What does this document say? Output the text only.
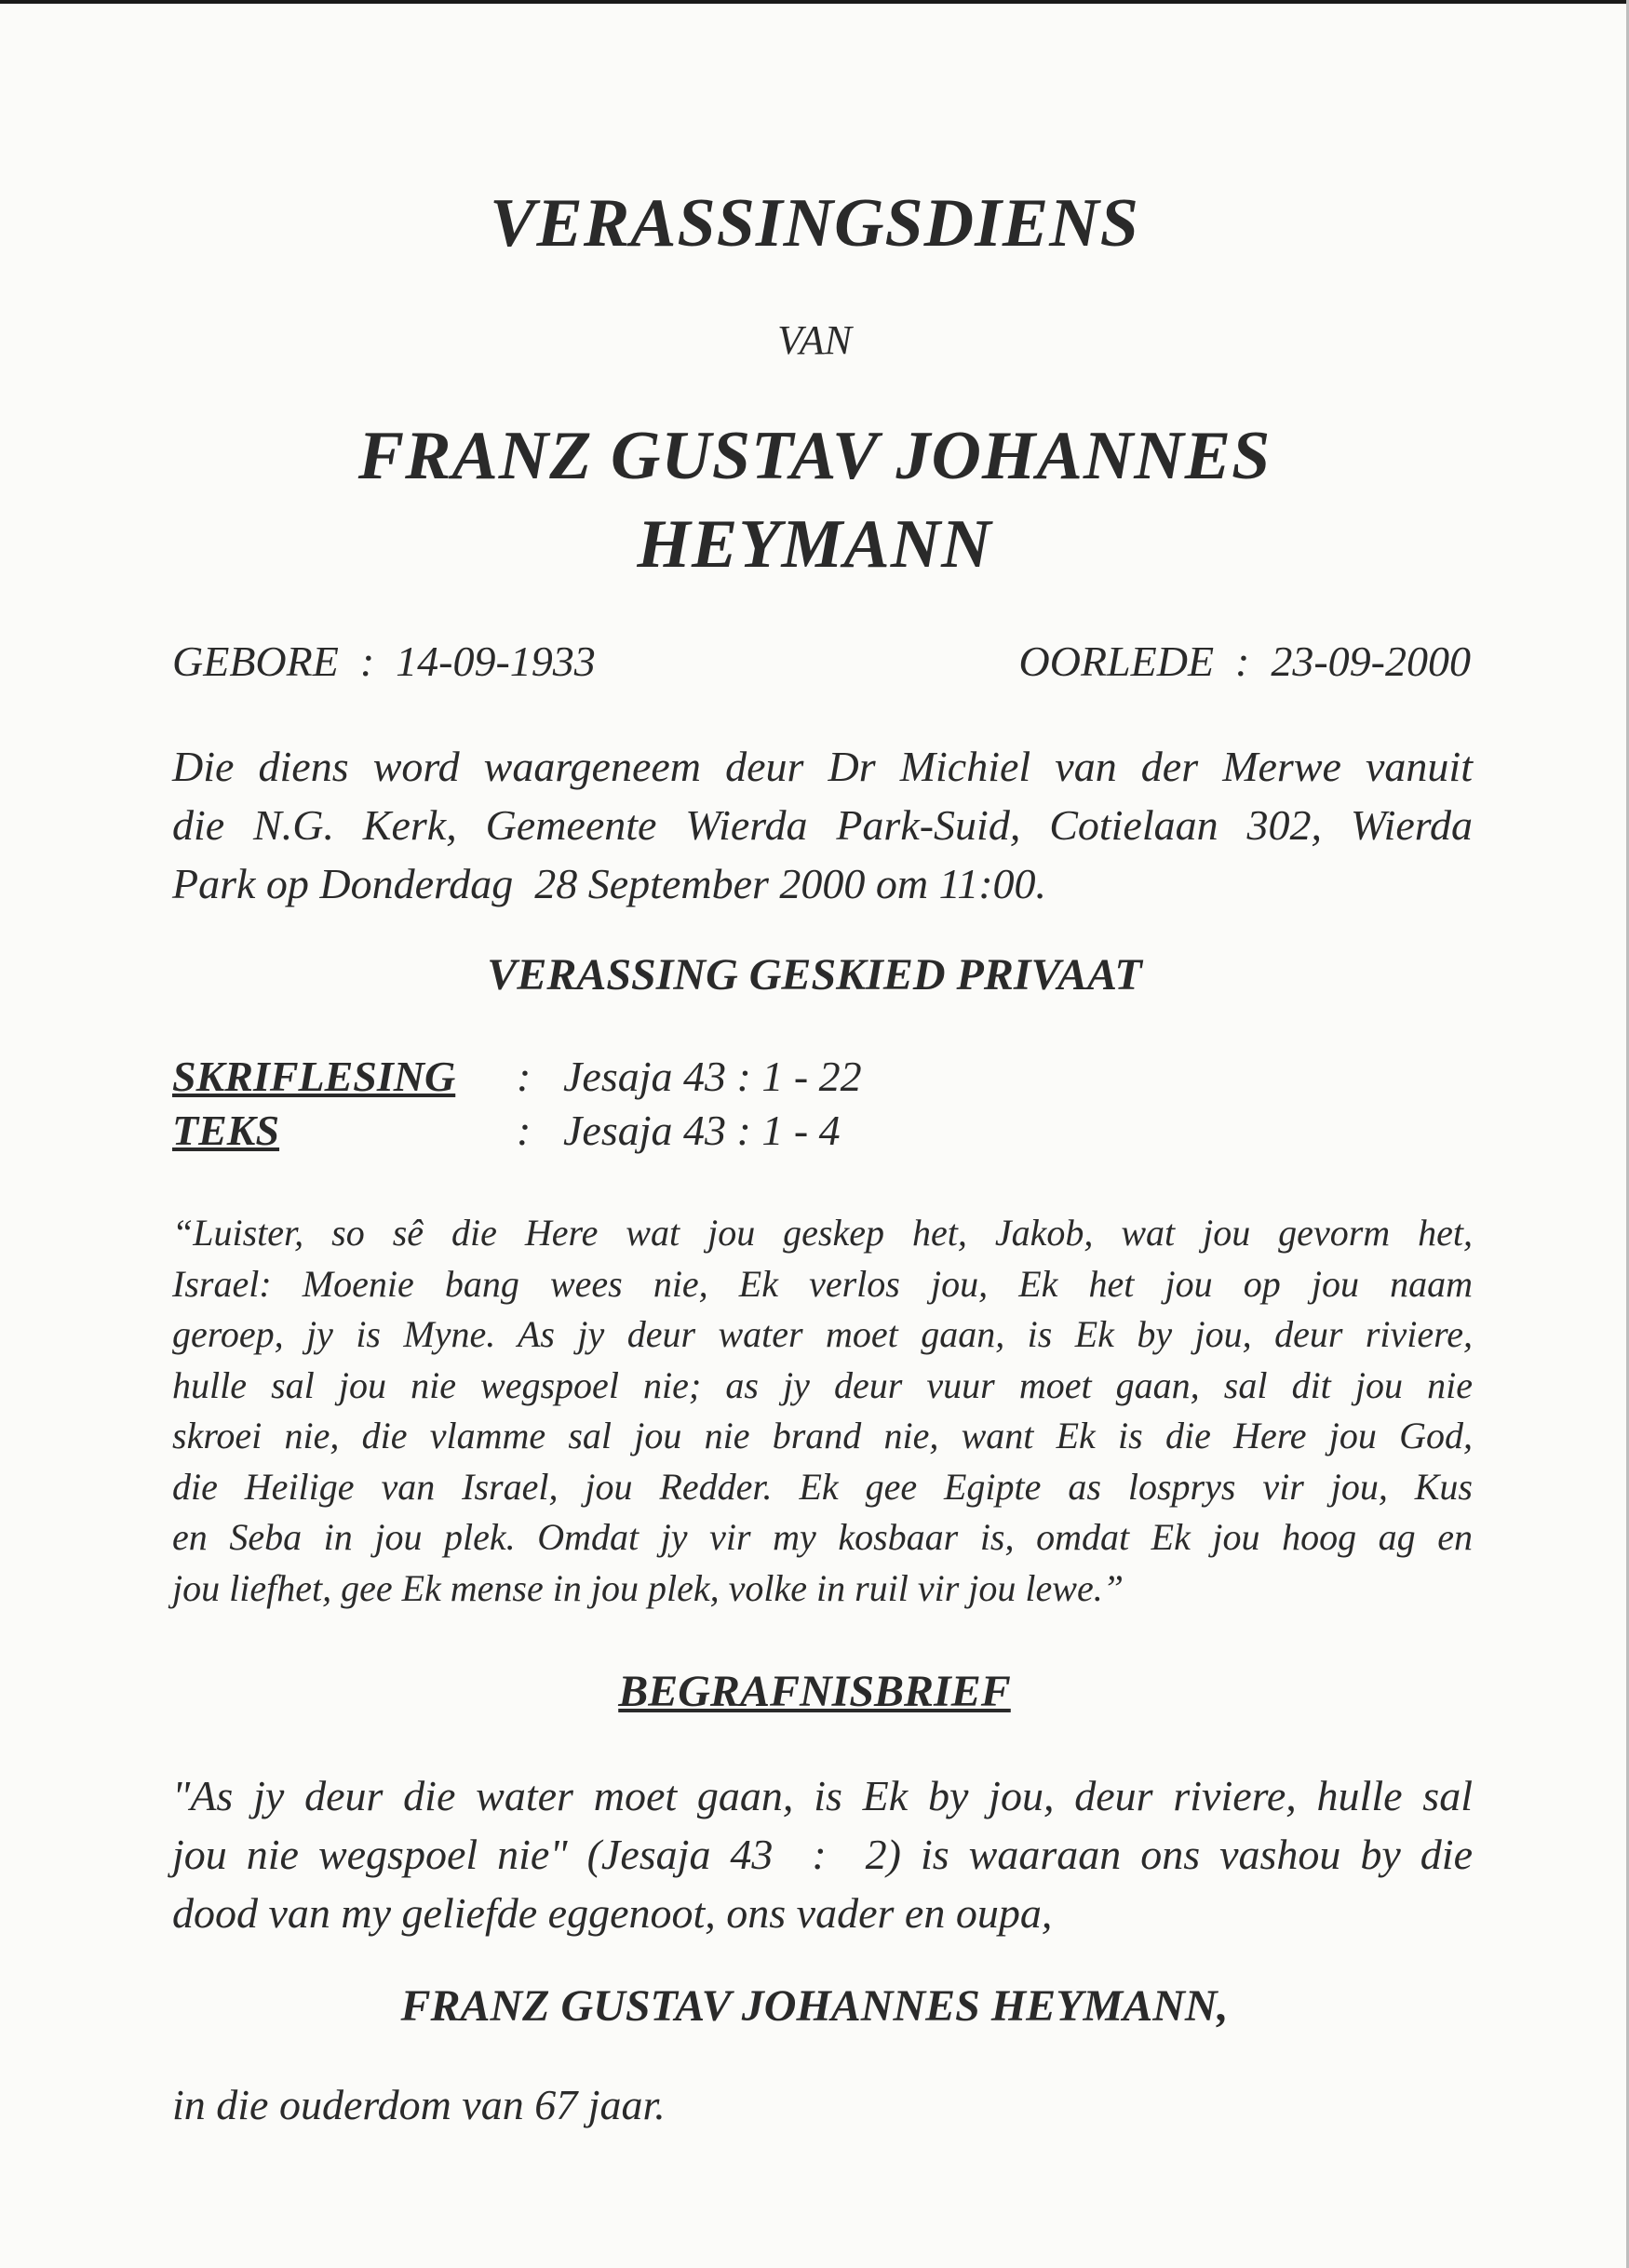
VERASSINGSDIENS
VAN
FRANZ GUSTAV JOHANNES
HEYMANN
GEBORE  :  14-09-1933	OORLEDE  :  23-09-2000
Die diens word waargeneem deur Dr Michiel van der Merwe vanuit
die N.G. Kerk, Gemeente Wierda Park-Suid, Cotielaan 302, Wierda
Park op Donderdag  28 September 2000 om 11:00.
VERASSING GESKIED PRIVAAT
SKRIFLESING : Jesaja 43 : 1 - 22
TEKS	: Jesaja 43 : 1 - 4
“Luister, so sê die Here wat jou geskep het, Jakob, wat jou gevorm het,
Israel: Moenie bang wees nie, Ek verlos jou, Ek het jou op jou naam
geroep, jy is Myne. As jy deur water moet gaan, is Ek by jou, deur riviere,
hulle sal jou nie wegspoel nie; as jy deur vuur moet gaan, sal dit jou nie
skroei nie, die vlamme sal jou nie brand nie, want Ek is die Here jou God,
die Heilige van Israel, jou Redder. Ek gee Egipte as losprys vir jou, Kus
en Seba in jou plek. Omdat jy vir my kosbaar is, omdat Ek jou hoog ag en
jou liefhet, gee Ek mense in jou plek, volke in ruil vir jou lewe.”
BEGRAFNISBRIEF
"As jy deur die water moet gaan, is Ek by jou, deur riviere, hulle sal
jou nie wegspoel nie" (Jesaja 43  :  2) is waaraan ons vashou by die
dood van my geliefde eggenoot, ons vader en oupa,
FRANZ GUSTAV JOHANNES HEYMANN,
in die ouderdom van 67 jaar.
